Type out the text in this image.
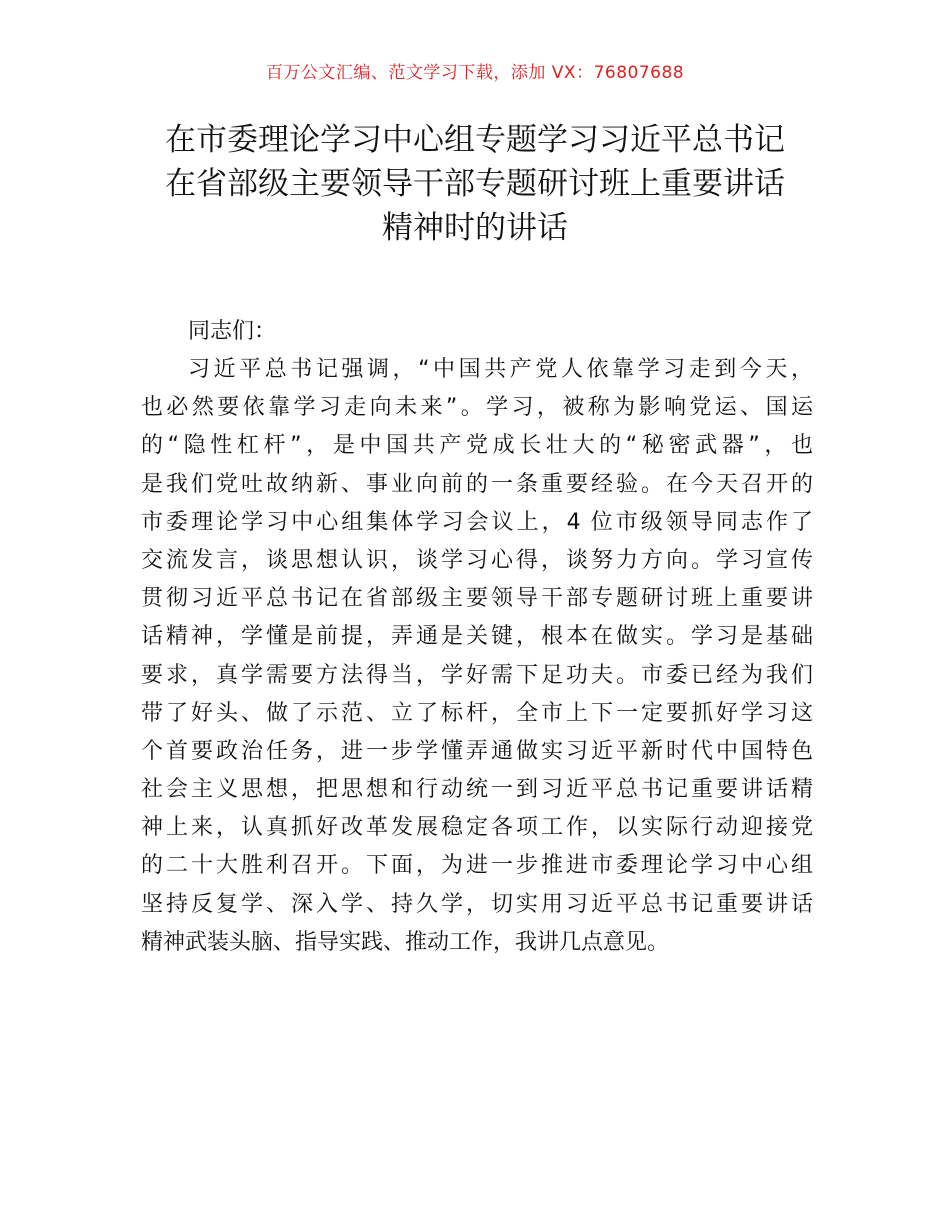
百万公文汇编、范文学习下载，添加 VX：76807688
在市委理论学习中心组专题学习习近平总书记
在省部级主要领导干部专题研讨班上重要讲话
精神时的讲话
同志们：
习近平总书记强调，“中国共产党人依靠学习走到今天，
也必然要依靠学习走向未来”。学习，被称为影响党运、国运
的“隐性杠杆”，是中国共产党成长壮大的“秘密武器”，也
是我们党吐故纳新、事业向前的一条重要经验。在今天召开的
市委理论学习中心组集体学习会议上，4 位市级领导同志作了
交流发言，谈思想认识，谈学习心得，谈努力方向。学习宣传
贯彻习近平总书记在省部级主要领导干部专题研讨班上重要讲
话精神，学懂是前提，弄通是关键，根本在做实。学习是基础
要求，真学需要方法得当，学好需下足功夫。市委已经为我们
带了好头、做了示范、立了标杆，全市上下一定要抓好学习这
个首要政治任务，进一步学懂弄通做实习近平新时代中国特色
社会主义思想，把思想和行动统一到习近平总书记重要讲话精
神上来，认真抓好改革发展稳定各项工作，以实际行动迎接党
的二十大胜利召开。下面，为进一步推进市委理论学习中心组
坚持反复学、深入学、持久学，切实用习近平总书记重要讲话
精神武装头脑、指导实践、推动工作，我讲几点意见。
